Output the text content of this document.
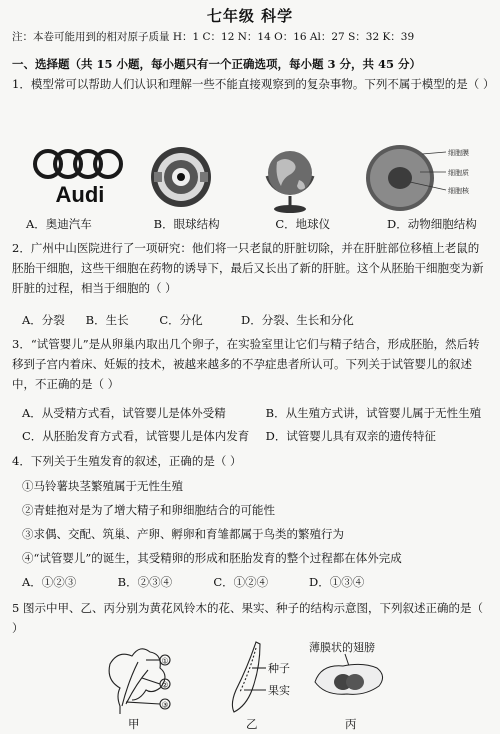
七年级 科学
注：本卷可能用到的相对原子质量 H：1 C：12 N：14 O：16 Al：27 S：32 K：39
一、选择题（共 15 小题，每小题只有一个正确选项，每小题 3 分，共 45 分）
1．模型常可以帮助人们认识和理解一些不能直接观察到的复杂事物。下列不属于模型的是（ ）
Audi
细胞膜
细胞质
细胞核
A．奥迪汽车	B．眼球结构	C．地球仪	D．动物细胞结构
2．广州中山医院进行了一项研究：他们将一只老鼠的肝脏切除，并在肝脏部位移植上老鼠的胚胎干细胞，这些干细胞在药物的诱导下，最后又长出了新的肝脏。这个从胚胎干细胞变为新肝脏的过程，相当于细胞的（ ）
A．分裂 B．生长	C．分化	D．分裂、生长和分化
3．“试管婴儿”是从卵巢内取出几个卵子，在实验室里让它们与精子结合，形成胚胎，然后转移到子宫内着床、妊娠的技术，被越来越多的不孕症患者所认可。下列关于试管婴儿的叙述中，不正确的是（ ）
A．从受精方式看，试管婴儿是体外受精	B．从生殖方式讲，试管婴儿属于无性生殖
C．从胚胎发育方式看，试管婴儿是体内发育 D．试管婴儿具有双亲的遗传特征
4．下列关于生殖发育的叙述，正确的是（ ）
①马铃薯块茎繁殖属于无性生殖
②青蛙抱对是为了增大精子和卵细胞结合的可能性
③求偶、交配、筑巢、产卵、孵卵和育雏都属于鸟类的繁殖行为
④“试管婴儿”的诞生，其受精卵的形成和胚胎发育的整个过程都在体外完成
A．①②③	B．②③④	C．①②④	D．①③④
5 图示中甲、乙、丙分别为黄花风铃木的花、果实、种子的结构示意图，下列叙述正确的是（ ）
①
②
③
种子
果实
薄膜状的翅膀
甲	乙	丙
